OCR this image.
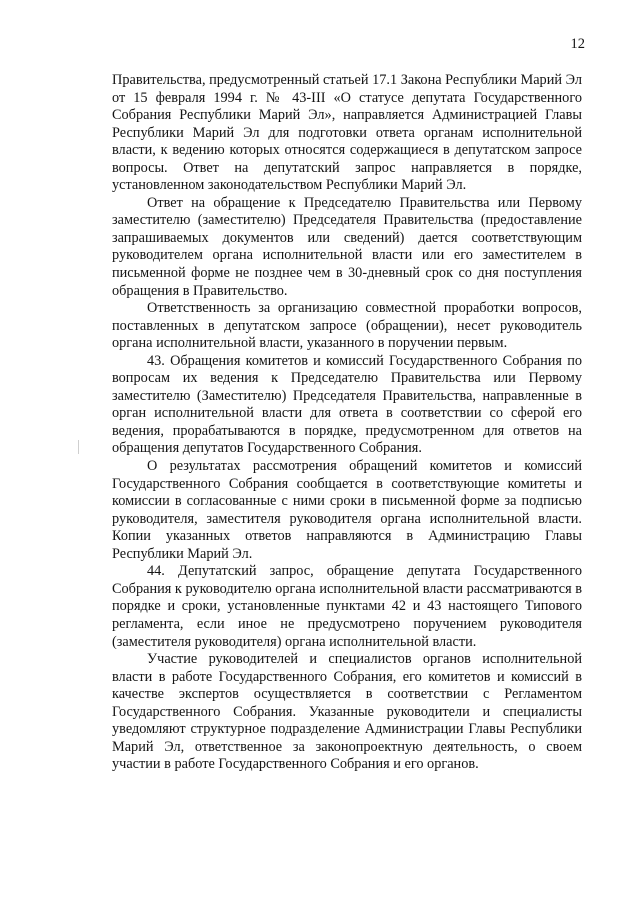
12

Правительства, предусмотренный статьей 17.1 Закона Республики Марий Эл от 15 февраля 1994 г. № 43-III «О статусе депутата Государственного Собрания Республики Марий Эл», направляется Администрацией Главы Республики Марий Эл для подготовки ответа органам исполнительной власти, к ведению которых относятся содержащиеся в депутатском запросе вопросы. Ответ на депутатский запрос направляется в порядке, установленном законодательством Республики Марий Эл.

Ответ на обращение к Председателю Правительства или Первому заместителю (заместителю) Председателя Правительства (предоставление запрашиваемых документов или сведений) дается соответствующим руководителем органа исполнительной власти или его заместителем в письменной форме не позднее чем в 30-дневный срок со дня поступления обращения в Правительство.

Ответственность за организацию совместной проработки вопросов, поставленных в депутатском запросе (обращении), несет руководитель органа исполнительной власти, указанного в поручении первым.

43. Обращения комитетов и комиссий Государственного Собрания по вопросам их ведения к Председателю Правительства или Первому заместителю (Заместителю) Председателя Правительства, направленные в орган исполнительной власти для ответа в соответствии со сферой его ведения, прорабатываются в порядке, предусмотренном для ответов на обращения депутатов Государственного Собрания.

О результатах рассмотрения обращений комитетов и комиссий Государственного Собрания сообщается в соответствующие комитеты и комиссии в согласованные с ними сроки в письменной форме за подписью руководителя, заместителя руководителя органа исполнительной власти. Копии указанных ответов направляются в Администрацию Главы Республики Марий Эл.

44. Депутатский запрос, обращение депутата Государственного Собрания к руководителю органа исполнительной власти рассматриваются в порядке и сроки, установленные пунктами 42 и 43 настоящего Типового регламента, если иное не предусмотрено поручением руководителя (заместителя руководителя) органа исполнительной власти.

Участие руководителей и специалистов органов исполнительной власти в работе Государственного Собрания, его комитетов и комиссий в качестве экспертов осуществляется в соответствии с Регламентом Государственного Собрания. Указанные руководители и специалисты уведомляют структурное подразделение Администрации Главы Республики Марий Эл, ответственное за законопроектную деятельность, о своем участии в работе Государственного Собрания и его органов.
